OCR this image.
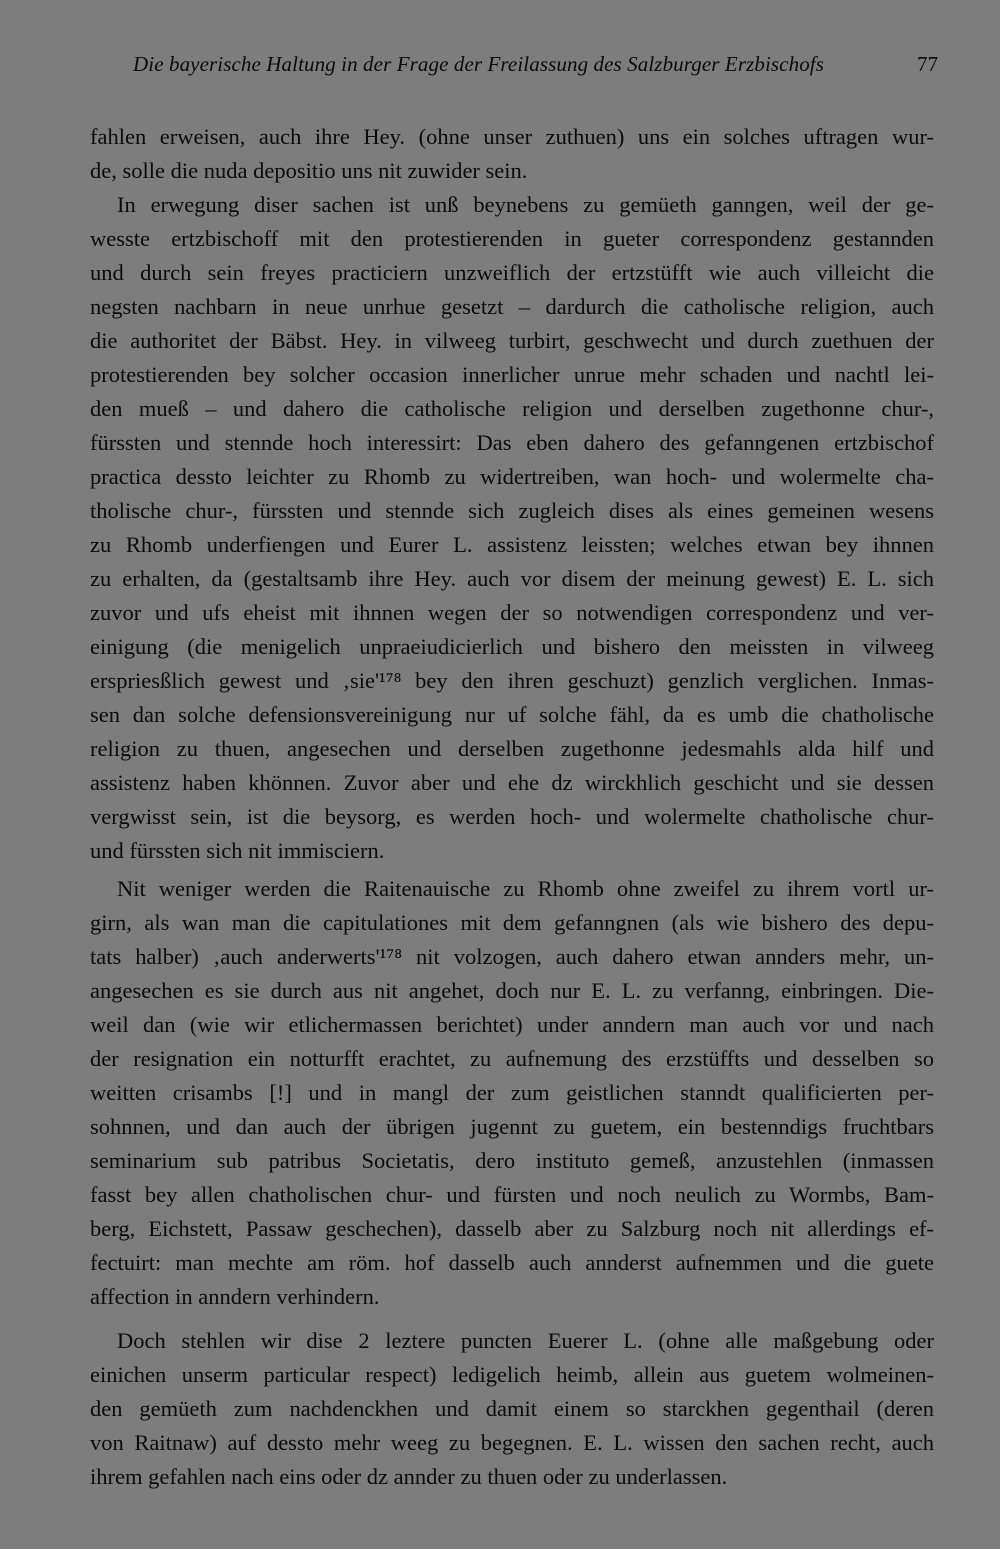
Die bayerische Haltung in der Frage der Freilassung des Salzburger Erzbischofs	77
fahlen erweisen, auch ihre Hey. (ohne unser zuthuen) uns ein solches uftragen wur-
de, solle die nuda depositio uns nit zuwider sein.
In erwegung diser sachen ist unß beynebens zu gemüeth ganngen, weil der ge-
wesste ertzbischoff mit den protestierenden in gueter correspondenz gestannden
und durch sein freyes practiciern unzweiflich der ertzstüfft wie auch villeicht die
negsten nachbarn in neue unrhue gesetzt – dardurch die catholische religion, auch
die authoritet der Bäbst. Hey. in vilweeg turbirt, geschwecht und durch zuethuen der
protestierenden bey solcher occasion innerlicher unrue mehr schaden und nachtl lei-
den mueß – und dahero die catholische religion und derselben zugethonne chur-,
fürssten und stennde hoch interessirt: Das eben dahero des gefanngenen ertzbischof
practica dessto leichter zu Rhomb zu widertreiben, wan hoch- und wolermelte cha-
tholische chur-, fürssten und stennde sich zugleich dises als eines gemeinen wesens
zu Rhomb underfiengen und Eurer L. assistenz leissten; welches etwan bey ihnnen
zu erhalten, da (gestaltsamb ihre Hey. auch vor disem der meinung gewest) E. L. sich
zuvor und ufs eheist mit ihnnen wegen der so notwendigen correspondenz und ver-
einigung (die menigelich unpraeiudicierlich und bishero den meissten in vilweeg
erspriesßlich gewest und ‚sie'¹⁷⁸ bey den ihren geschuzt) genzlich verglichen. Inmas-
sen dan solche defensionsvereinigung nur uf solche fähl, da es umb die chatholische
religion zu thuen, angesechen und derselben zugethonne jedesmahls alda hilf und
assistenz haben khönnen. Zuvor aber und ehe dz wirckhlich geschicht und sie dessen
vergwisst sein, ist die beysorg, es werden hoch- und wolermelte chatholische chur-
und fürssten sich nit immisciern.
Nit weniger werden die Raitenauische zu Rhomb ohne zweifel zu ihrem vortl ur-
girn, als wan man die capitulationes mit dem gefanngnen (als wie bishero des depu-
tats halber) ‚auch anderwerts'¹⁷⁸ nit volzogen, auch dahero etwan annders mehr, un-
angesechen es sie durch aus nit angehet, doch nur E. L. zu verfanng, einbringen. Die-
weil dan (wie wir etlichermassen berichtet) under anndern man auch vor und nach
der resignation ein notturfft erachtet, zu aufnemung des erzstüffts und desselben so
weitten crisambs [!] und in mangl der zum geistlichen stanndt qualificierten per-
sohnnen, und dan auch der übrigen jugennt zu guetem, ein bestenndigs fruchtbars
seminarium sub patribus Societatis, dero instituto gemeß, anzustehlen (inmassen
fasst bey allen chatholischen chur- und fürsten und noch neulich zu Wormbs, Bam-
berg, Eichstett, Passaw geschechen), dasselb aber zu Salzburg noch nit allerdings ef-
fectuirt: man mechte am röm. hof dasselb auch annderst aufnemmen und die guete
affection in anndern verhindern.
Doch stehlen wir dise 2 leztere puncten Euerer L. (ohne alle maßgebung oder
einichen unserm particular respect) ledigelich heimb, allein aus guetem wolmeinen-
den gemüeth zum nachdenckhen und damit einem so starckhen gegenthail (deren
von Raitnaw) auf dessto mehr weeg zu begegnen. E. L. wissen den sachen recht, auch
ihrem gefahlen nach eins oder dz annder zu thuen oder zu underlassen.
